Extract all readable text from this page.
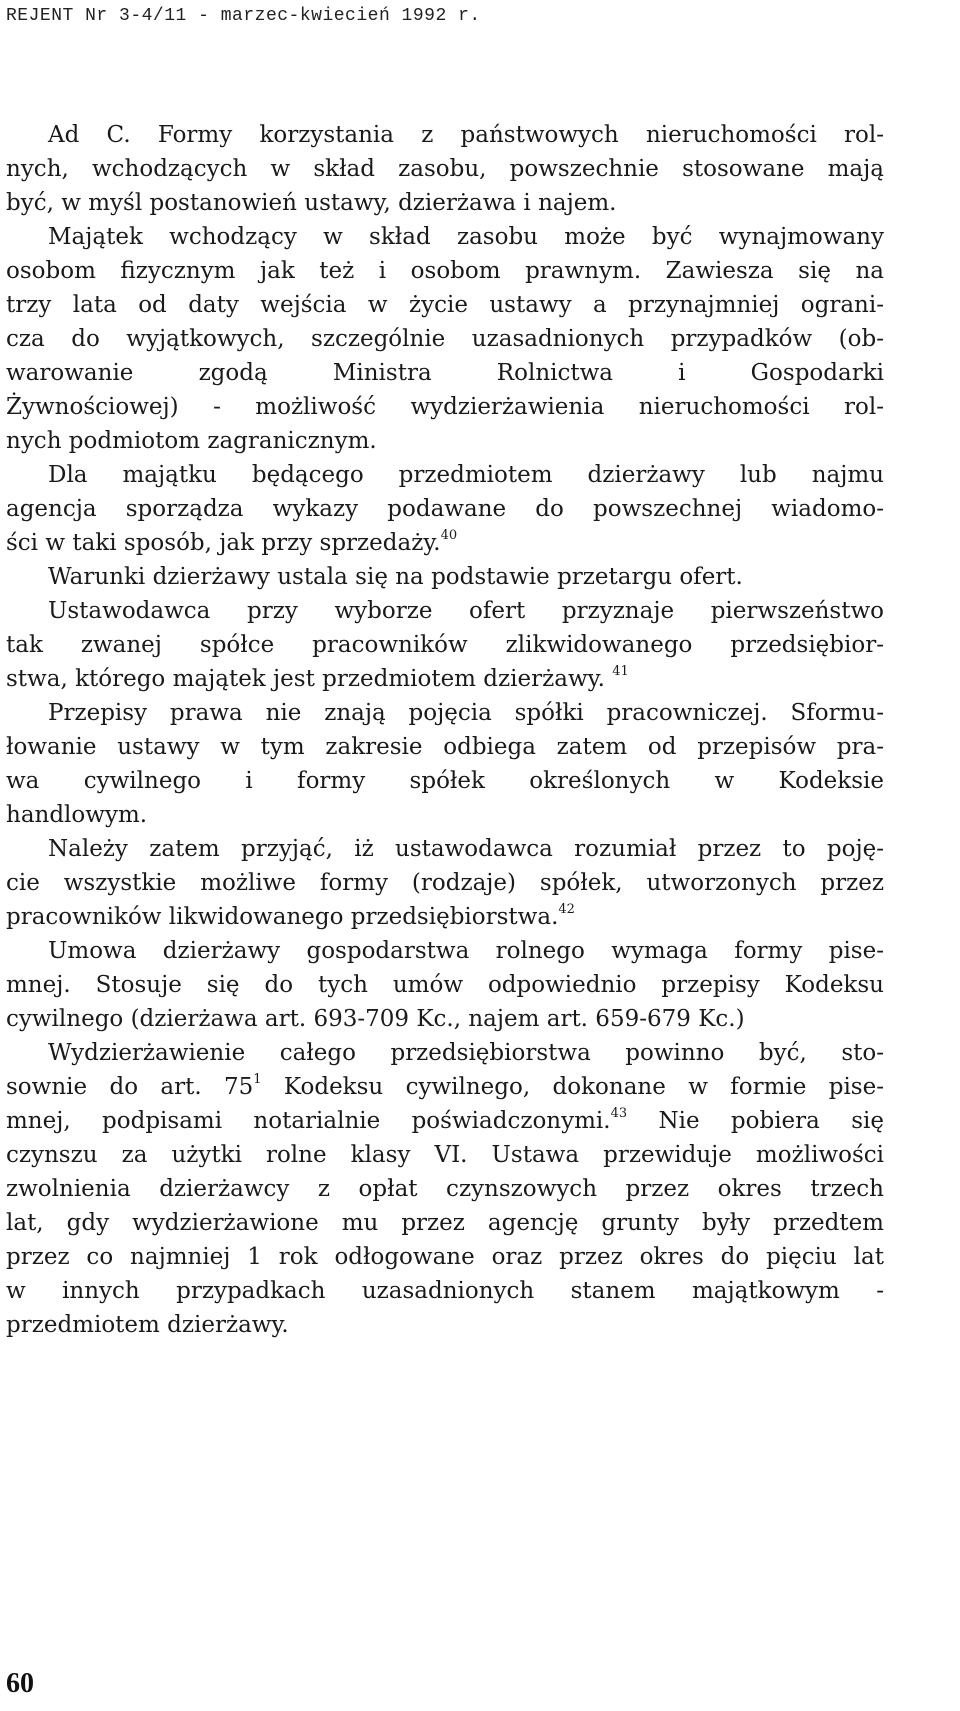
REJENT Nr 3-4/11 - marzec-kwiecień 1992 r.

Ad C. Formy korzystania z państwowych nieruchomości rol-
nych, wchodzących w skład zasobu, powszechnie stosowane mają
być, w myśl postanowień ustawy, dzierżawa i najem.

Majątek wchodzący w skład zasobu może być wynajmowany
osobom fizycznym jak też i osobom prawnym. Zawiesza się na
trzy lata od daty wejścia w życie ustawy a przynajmniej ograni-
cza do wyjątkowych, szczególnie uzasadnionych przypadków (ob-
warowanie zgodą Ministra Rolnictwa i Gospodarki
Żywnościowej) - możliwość wydzierżawienia nieruchomości rol-
nych podmiotom zagranicznym.

Dla majątku będącego przedmiotem dzierżawy lub najmu
agencja sporządza wykazy podawane do powszechnej wiadomo-
ści w taki sposób, jak przy sprzedaży.$^{40}$

Warunki dzierżawy ustala się na podstawie przetargu ofert.

Ustawodawca przy wyborze ofert przyznaje pierwszeństwo
tak zwanej spółce pracowników zlikwidowanego przedsiębior-
stwa, którego majątek jest przedmiotem dzierżawy. $^{41}$

Przepisy prawa nie znają pojęcia spółki pracowniczej. Sformu-
łowanie ustawy w tym zakresie odbiega zatem od przepisów pra-
wa cywilnego i formy spółek określonych w Kodeksie
handlowym.

Należy zatem przyjąć, iż ustawodawca rozumiał przez to poję-
cie wszystkie możliwe formy (rodzaje) spółek, utworzonych przez
pracowników likwidowanego przedsiębiorstwa.$^{42}$

Umowa dzierżawy gospodarstwa rolnego wymaga formy pise-
mnej. Stosuje się do tych umów odpowiednio przepisy Kodeksu
cywilnego (dzierżawa art. 693-709 Kc., najem art. 659-679 Kc.)

Wydzierżawienie całego przedsiębiorstwa powinno być, sto-
sownie do art. $75^1$ Kodeksu cywilnego, dokonane w formie pise-
mnej, podpisami notarialnie poświadczonymi.$^{43}$ Nie pobiera się
czynszu za użytki rolne klasy VI. Ustawa przewiduje możliwości
zwolnienia dzierżawcy z opłat czynszowych przez okres trzech
lat, gdy wydzierżawione mu przez agencję grunty były przedtem
przez co najmniej 1 rok odłogowane oraz przez okres do pięciu lat
w innych przypadkach uzasadnionych stanem majątkowym -
przedmiotem dzierżawy.

60
